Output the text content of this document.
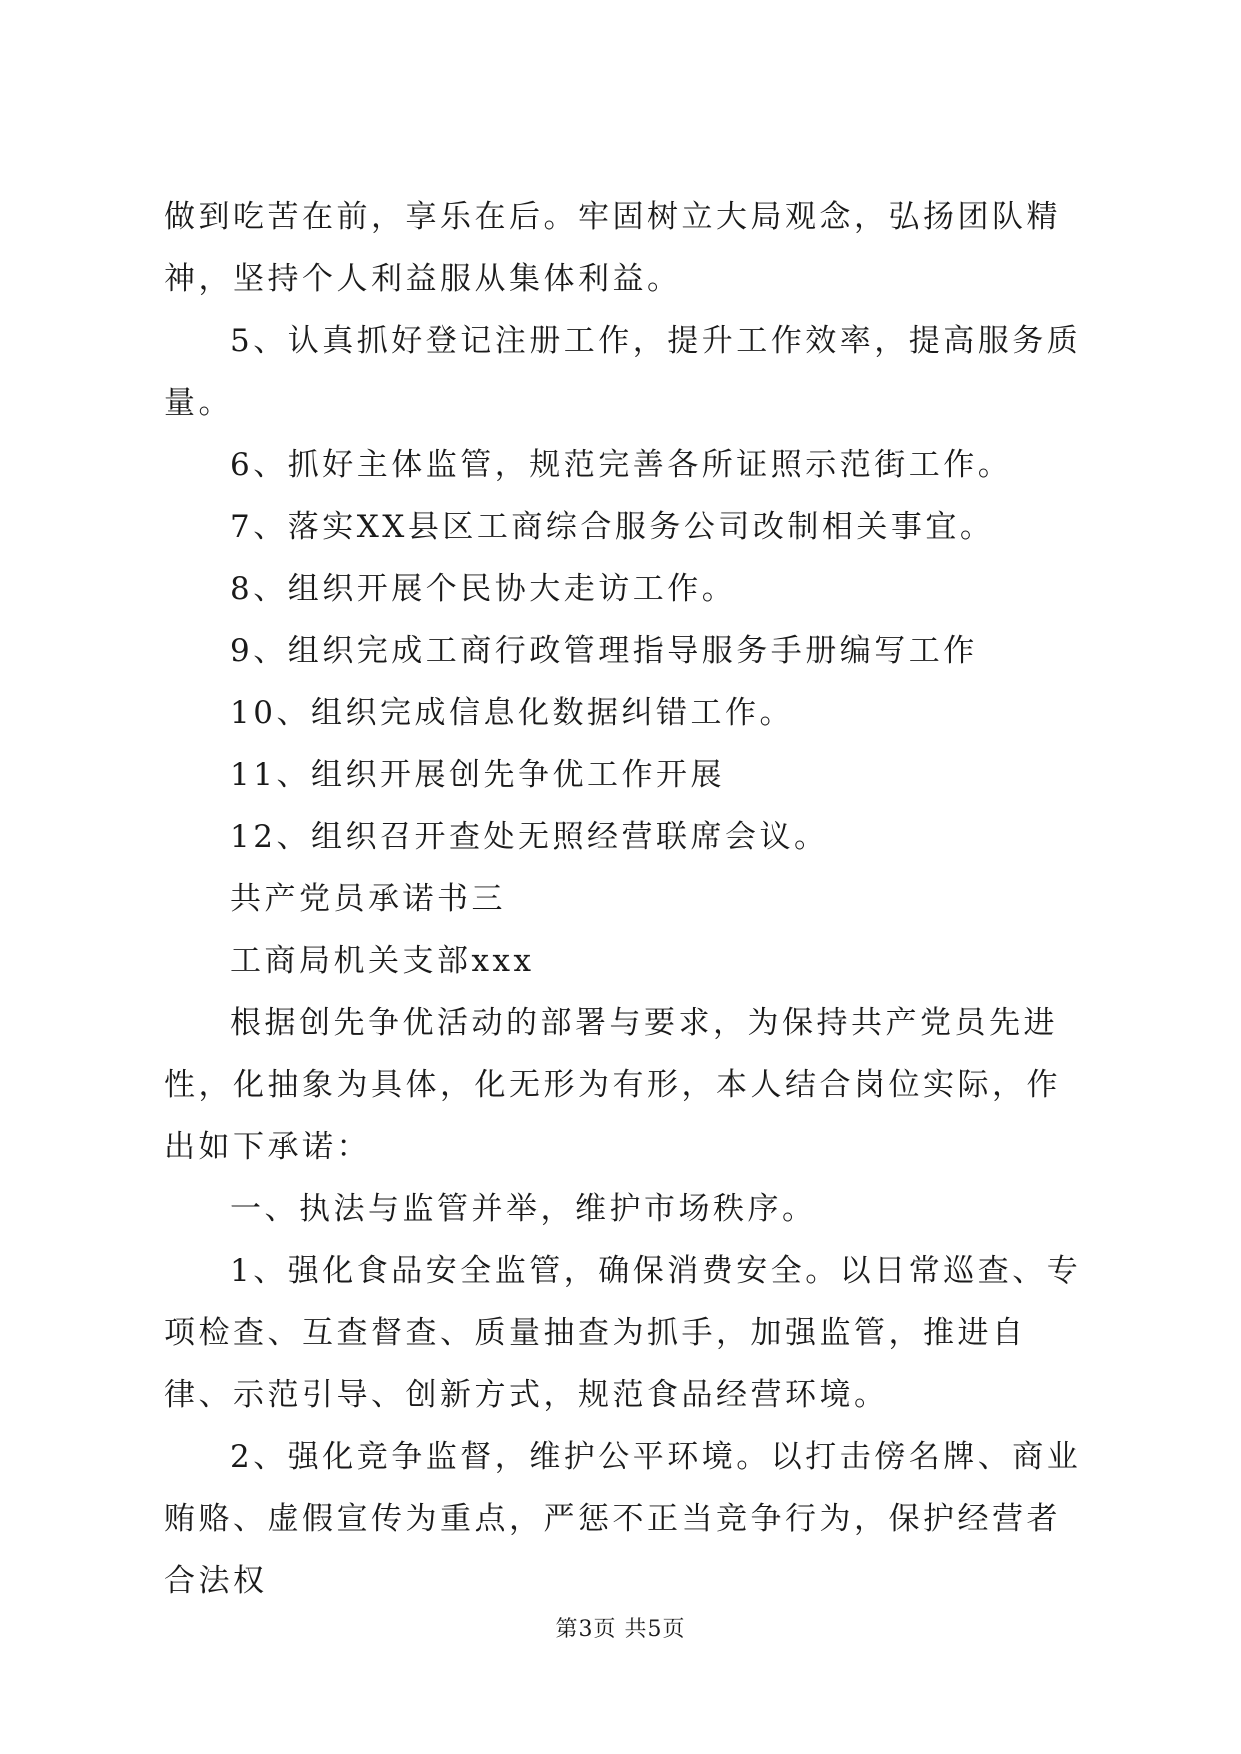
做到吃苦在前，享乐在后。牢固树立大局观念，弘扬团队精神，坚持个人利益服从集体利益。

5、认真抓好登记注册工作，提升工作效率，提高服务质量。

6、抓好主体监管，规范完善各所证照示范街工作。

7、落实XX县区工商综合服务公司改制相关事宜。

8、组织开展个民协大走访工作。

9、组织完成工商行政管理指导服务手册编写工作

10、组织完成信息化数据纠错工作。

11、组织开展创先争优工作开展

12、组织召开查处无照经营联席会议。

共产党员承诺书三

工商局机关支部xxx

根据创先争优活动的部署与要求，为保持共产党员先进性，化抽象为具体，化无形为有形，本人结合岗位实际，作出如下承诺：

一、执法与监管并举，维护市场秩序。

1、强化食品安全监管，确保消费安全。以日常巡查、专项检查、互查督查、质量抽查为抓手，加强监管，推进自律、示范引导、创新方式，规范食品经营环境。

2、强化竞争监督，维护公平环境。以打击傍名牌、商业贿赂、虚假宣传为重点，严惩不正当竞争行为，保护经营者合法权

第3页 共5页
